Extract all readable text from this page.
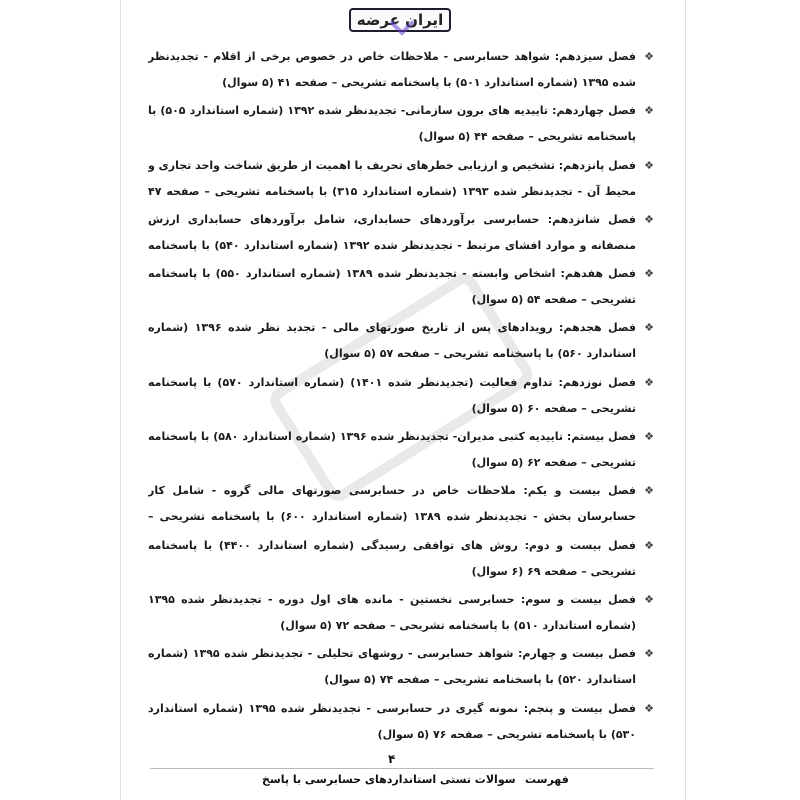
ایران عرضه
❖
فصل سیزدهم: شواهد حسابرسی - ملاحظات خاص در خصوص برخی از اقلام - تجدیدنظر شده ۱۳۹۵ (شماره استاندارد ۵۰۱) با پاسخنامه تشریحی – صفحه ۴۱ (۵ سوال)
❖
فصل چهاردهم: تاییدیه های برون سازمانی- تجدیدنظر شده ۱۳۹۲ (شماره استاندارد ۵۰۵) با پاسخنامه تشریحی – صفحه ۴۴ (۵ سوال)
❖
فصل پانزدهم: تشخیص و ارزیابی خطرهای تحریف با اهمیت از طریق شناخت واحد تجاری و محیط آن - تجدیدنظر شده ۱۳۹۳ (شماره استاندارد ۳۱۵) با پاسخنامه تشریحی – صفحه ۴۷
❖
فصل شانزدهم: حسابرسی برآوردهای حسابداری، شامل برآوردهای حسابداری ارزش منصفانه و موارد افشای مرتبط - تجدیدنظر شده ۱۳۹۲ (شماره استاندارد ۵۴۰) با پاسخنامه
❖
فصل هفدهم: اشخاص وابسته - تجدیدنظر شده ۱۳۸۹ (شماره استاندارد ۵۵۰) با پاسخنامه تشریحی – صفحه ۵۴ (۵ سوال)
❖
فصل هجدهم: رویدادهای پس از تاریخ صورتهای مالی - تجدید نظر شده ۱۳۹۶ (شماره استاندارد ۵۶۰) با پاسخنامه تشریحی – صفحه ۵۷ (۵ سوال)
❖
فصل نوزدهم: تداوم فعالیت (تجدیدنظر شده ۱۴۰۱) (شماره استاندارد ۵۷۰) با پاسخنامه تشریحی – صفحه ۶۰ (۵ سوال)
❖
فصل بیستم: تاییدیه کتبی مدیران- تجدیدنظر شده ۱۳۹۶ (شماره استاندارد ۵۸۰) با پاسخنامه تشریحی – صفحه ۶۲ (۵ سوال)
❖
فصل بیست و یکم: ملاحظات خاص در حسابرسی صورتهای مالی گروه - شامل کار حسابرسان بخش - تجدیدنظر شده ۱۳۸۹ (شماره استاندارد ۶۰۰) با پاسخنامه تشریحی –
❖
فصل بیست و دوم: روش های توافقی رسیدگی (شماره استاندارد ۴۴۰۰) با پاسخنامه تشریحی – صفحه ۶۹ (۶ سوال)
❖
فصل بیست و سوم: حسابرسی نخستین - مانده های اول دوره - تجدیدنظر شده ۱۳۹۵ (شماره استاندارد ۵۱۰) با پاسخنامه تشریحی – صفحه ۷۲ (۵ سوال)
❖
فصل بیست و چهارم: شواهد حسابرسی - روشهای تحلیلی - تجدیدنظر شده ۱۳۹۵ (شماره استاندارد ۵۲۰) با پاسخنامه تشریحی – صفحه ۷۴ (۵ سوال)
❖
فصل بیست و پنجم: نمونه گیری در حسابرسی - تجدیدنظر شده ۱۳۹۵ (شماره استاندارد ۵۳۰) با پاسخنامه تشریحی – صفحه ۷۶ (۵ سوال)
۴
سوالات تستی استانداردهای حسابرسی با پاسخ فهرست
